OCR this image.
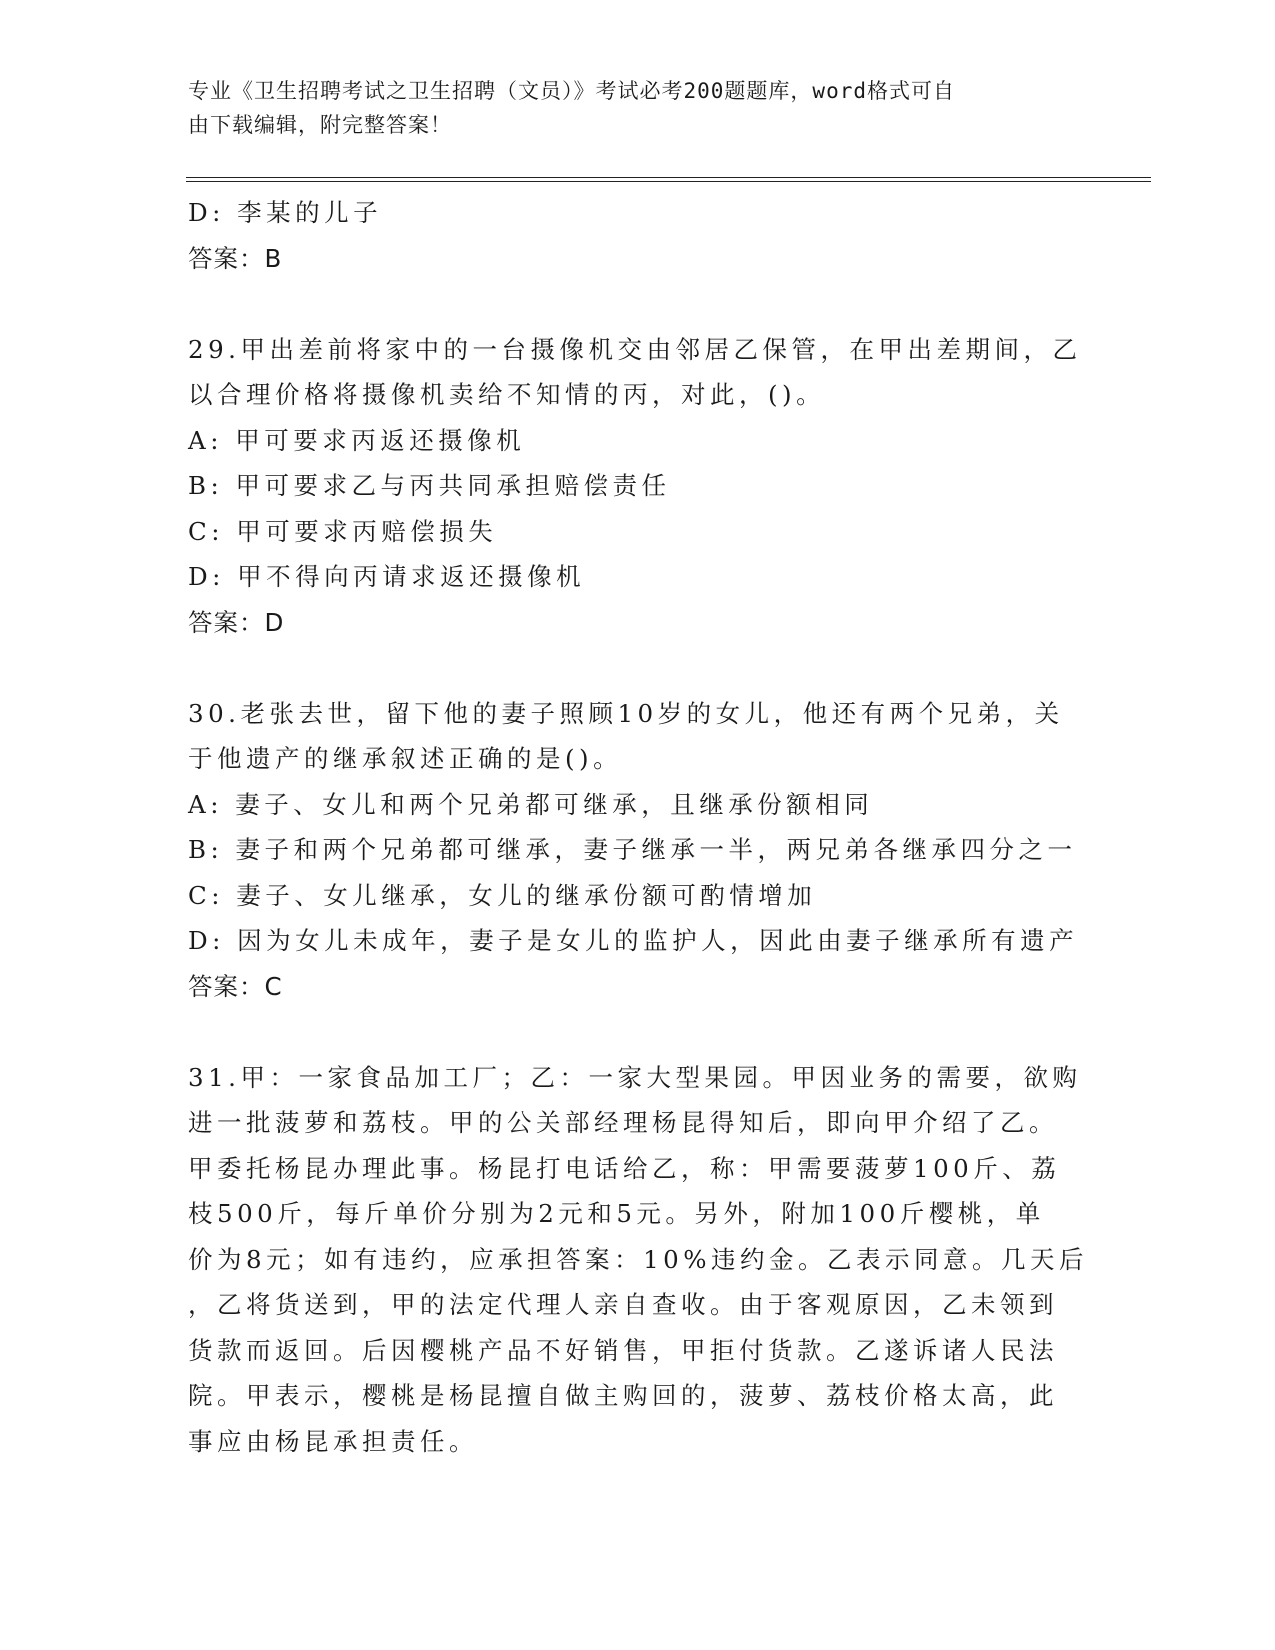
专业《卫生招聘考试之卫生招聘（文员）》考试必考200题题库，word格式可自
由下载编辑，附完整答案！
D: 李某的儿子
答案：B
29.甲出差前将家中的一台摄像机交由邻居乙保管，在甲出差期间，乙
以合理价格将摄像机卖给不知情的丙，对此，()。
A: 甲可要求丙返还摄像机
B: 甲可要求乙与丙共同承担赔偿责任
C: 甲可要求丙赔偿损失
D: 甲不得向丙请求返还摄像机
答案：D
30.老张去世，留下他的妻子照顾10岁的女儿，他还有两个兄弟，关
于他遗产的继承叙述正确的是()。
A: 妻子、女儿和两个兄弟都可继承，且继承份额相同
B: 妻子和两个兄弟都可继承，妻子继承一半，两兄弟各继承四分之一
C: 妻子、女儿继承，女儿的继承份额可酌情增加
D: 因为女儿未成年，妻子是女儿的监护人，因此由妻子继承所有遗产
答案：C
31.甲：一家食品加工厂；乙：一家大型果园。甲因业务的需要，欲购
进一批菠萝和荔枝。甲的公关部经理杨昆得知后，即向甲介绍了乙。
甲委托杨昆办理此事。杨昆打电话给乙，称：甲需要菠萝100斤、荔
枝500斤，每斤单价分别为2元和5元。另外，附加100斤樱桃，单
价为8元；如有违约，应承担答案：10%违约金。乙表示同意。几天后
，乙将货送到，甲的法定代理人亲自查收。由于客观原因，乙未领到
货款而返回。后因樱桃产品不好销售，甲拒付货款。乙遂诉诸人民法
院。甲表示，樱桃是杨昆擅自做主购回的，菠萝、荔枝价格太高，此
事应由杨昆承担责任。
